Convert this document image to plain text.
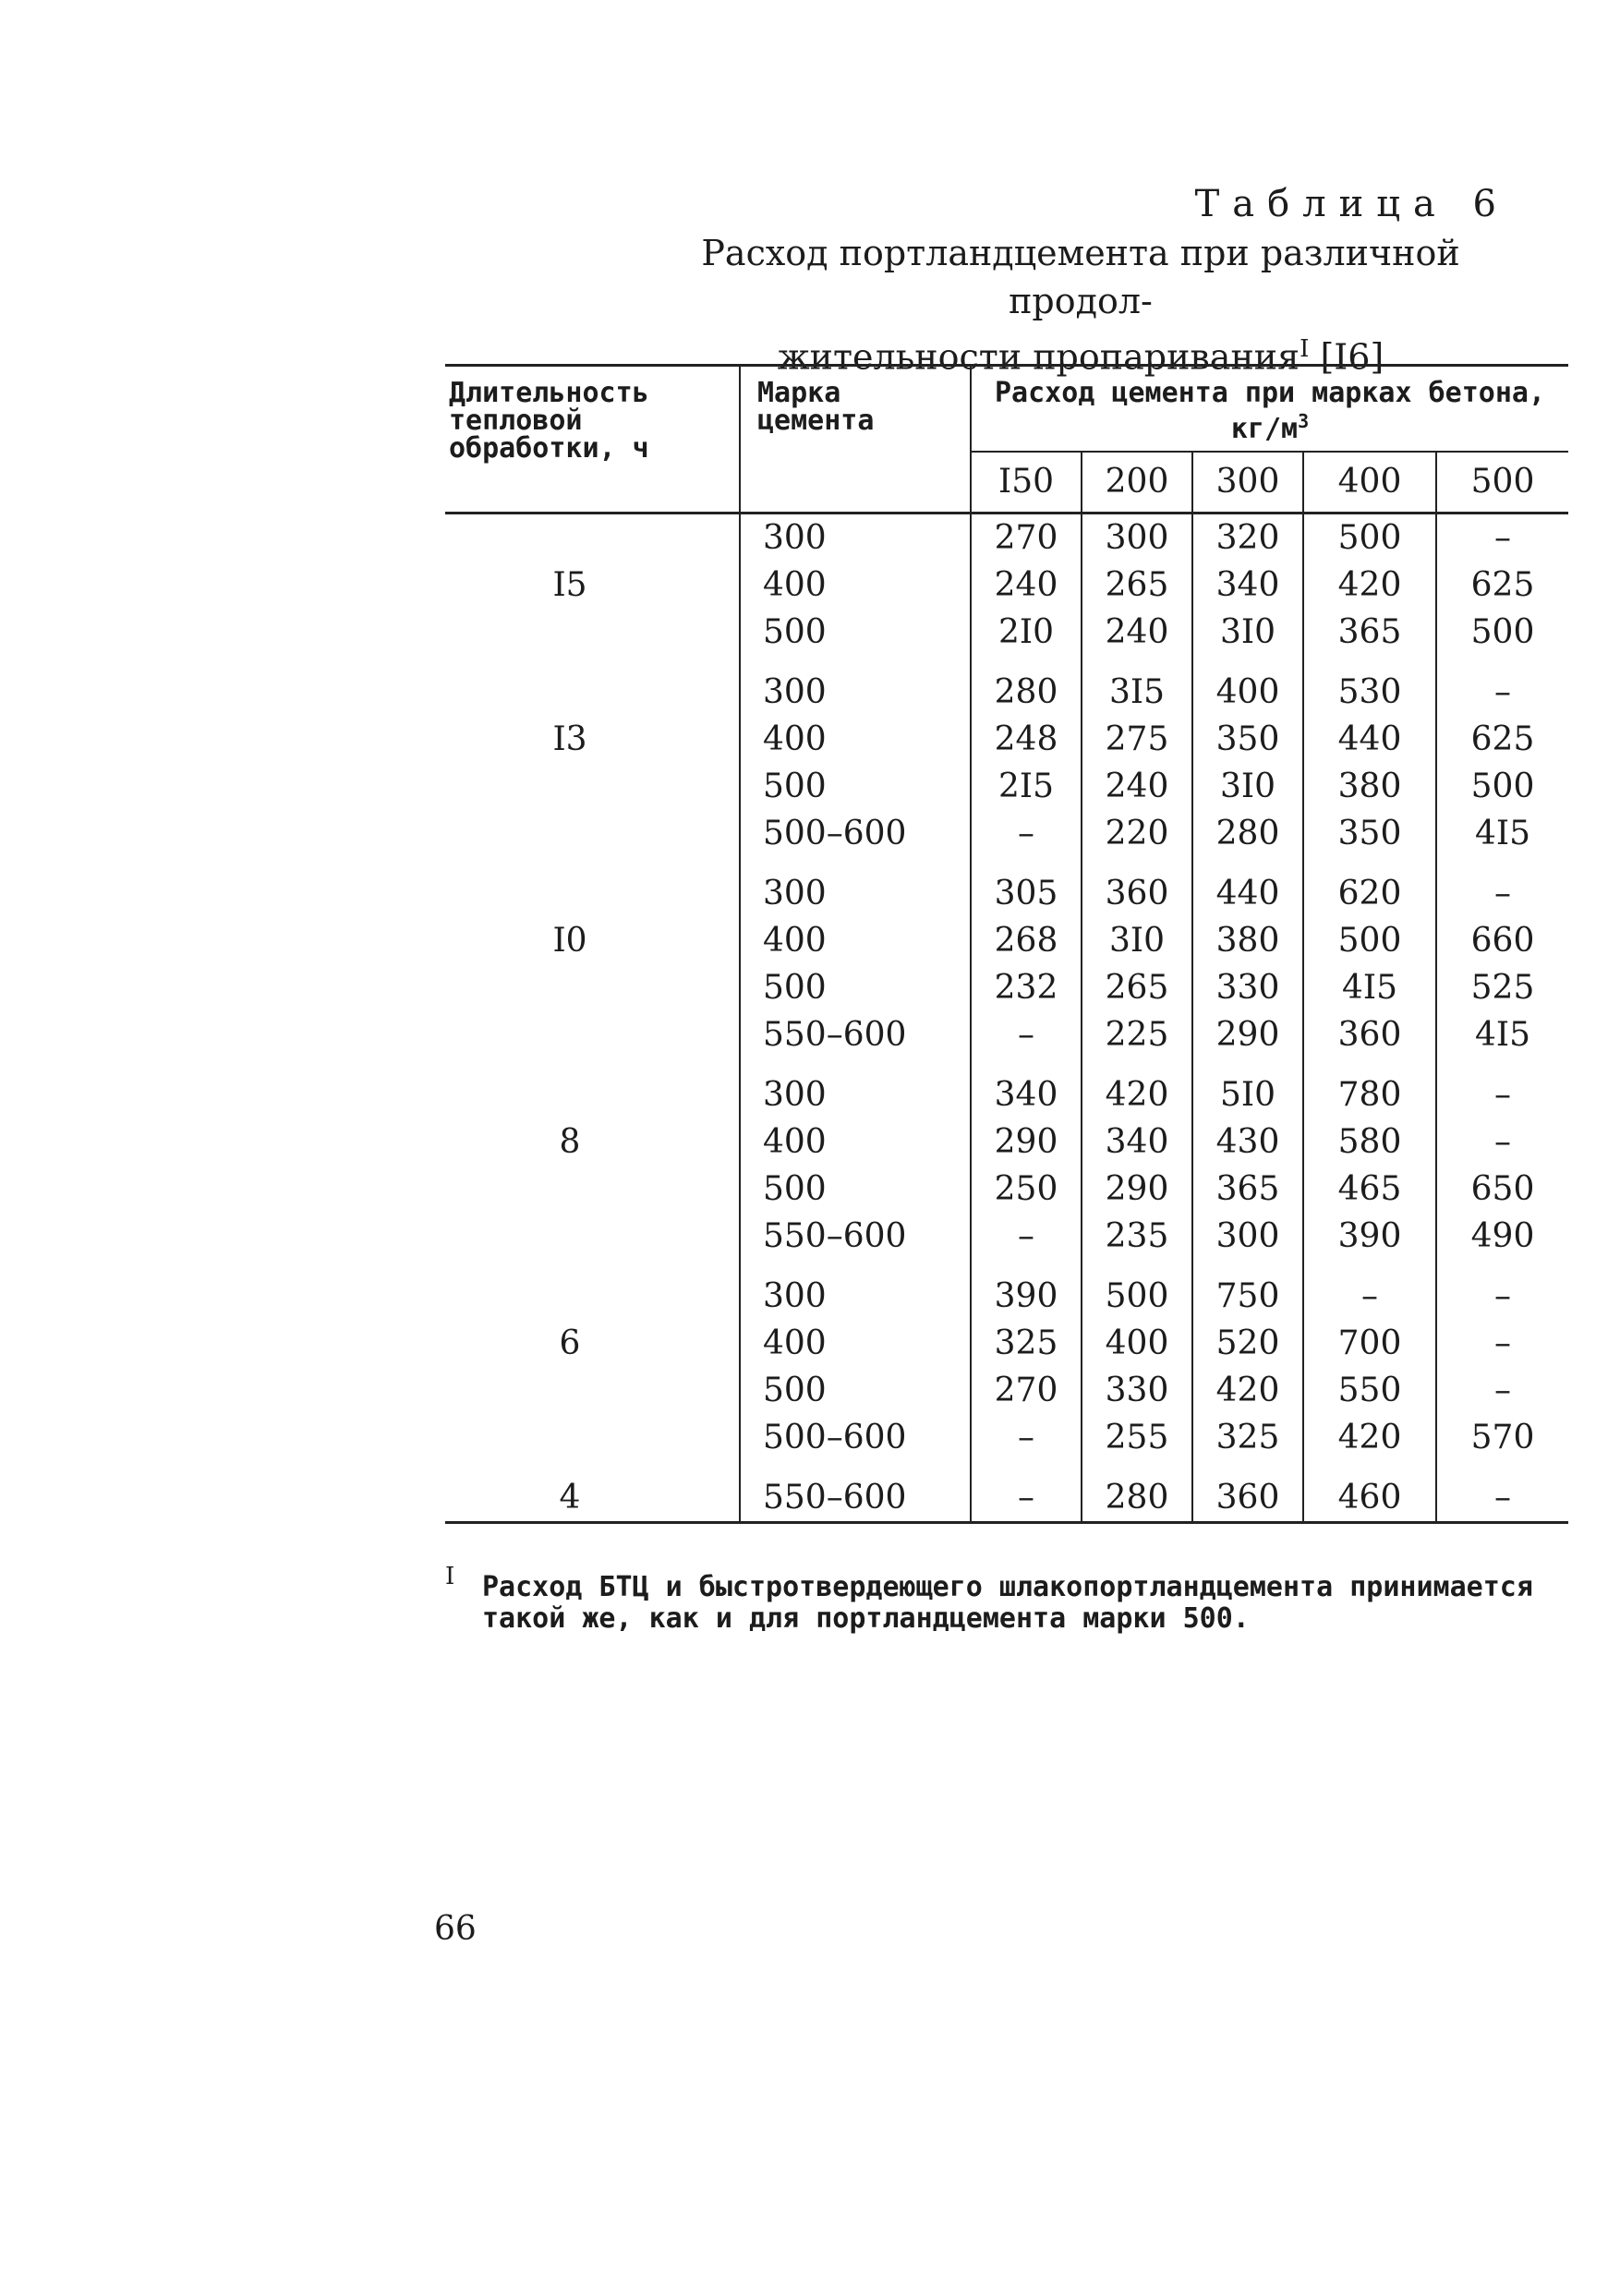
Таблица 6
Расход портландцемента при различной продол-
жительности пропаривания$^I$ [I6]
Длительность тепловой обработки, ч	Марка цемента	Расход цемента при марках бетона, $кг/м^3$
		I50	200	300	400	500
	300	270	300	320	500	–
I5	400	240	265	340	420	625
	500	2I0	240	3I0	365	500
	300	280	3I5	400	530	–
I3	400	248	275	350	440	625
	500	2I5	240	3I0	380	500
	500–600	–	220	280	350	4I5
	300	305	360	440	620	–
I0	400	268	3I0	380	500	660
	500	232	265	330	4I5	525
	550–600	–	225	290	360	4I5
	300	340	420	5I0	780	–
8	400	290	340	430	580	–
	500	250	290	365	465	650
	550–600	–	235	300	390	490
	300	390	500	750	–	–
6	400	325	400	520	700	–
	500	270	330	420	550	–
	500–600	–	255	325	420	570
4	550–600	–	280	360	460	–
I Расход БТЦ и быстротвердеющего шлакопортландцемента принимается такой же, как и для портландцемента марки 500.
66
